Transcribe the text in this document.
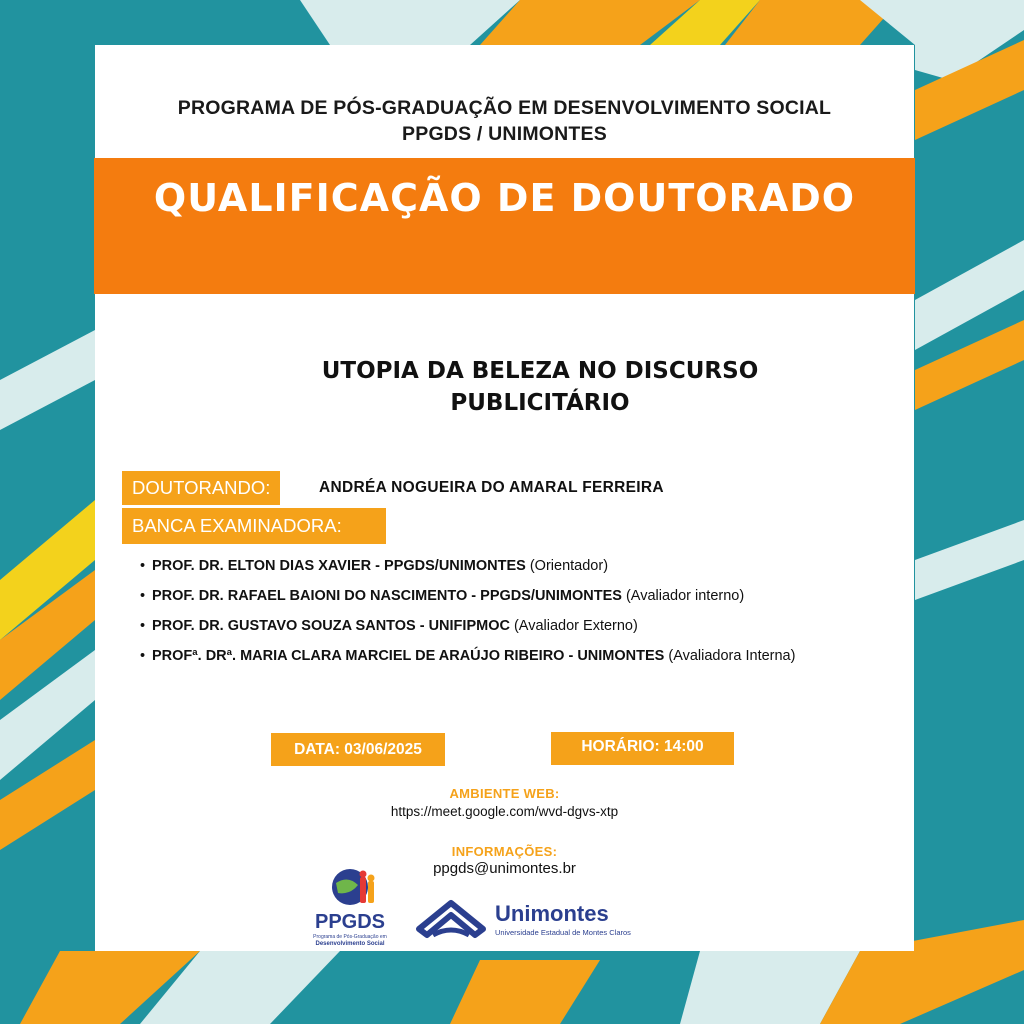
PROGRAMA DE PÓS-GRADUAÇÃO EM DESENVOLVIMENTO SOCIAL
PPGDS / UNIMONTES
QUALIFICAÇÃO DE DOUTORADO
UTOPIA DA BELEZA NO DISCURSO
PUBLICITÁRIO
DOUTORANDO:	ANDRÉA NOGUEIRA DO AMARAL FERREIRA
BANCA EXAMINADORA:
• PROF. DR. ELTON DIAS XAVIER - PPGDS/UNIMONTES (Orientador)
• PROF. DR. RAFAEL BAIONI DO NASCIMENTO - PPGDS/UNIMONTES (Avaliador interno)
• PROF. DR. GUSTAVO SOUZA SANTOS - UNIFIPMOC (Avaliador Externo)
• PROFª. DRª. MARIA CLARA MARCIEL DE ARAÚJO RIBEIRO - UNIMONTES (Avaliadora Interna)
DATA: 03/06/2025	HORÁRIO: 14:00
AMBIENTE WEB:
https://meet.google.com/wvd-dgvs-xtp
INFORMAÇÕES:
ppgds@unimontes.br
PPGDS
Programa de Pós-Graduação em
Desenvolvimento Social
Unimontes
Universidade Estadual de Montes Claros
